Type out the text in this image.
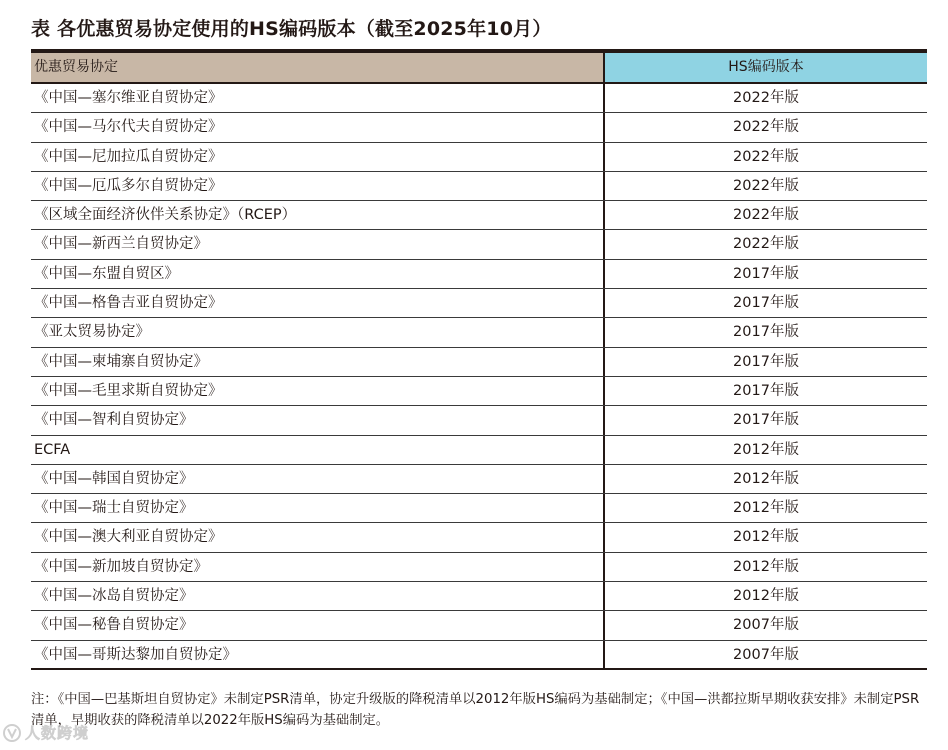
表 各优惠贸易协定使用的HS编码版本（截至2025年10月）
优惠贸易协定	HS编码版本
《中国—塞尔维亚自贸协定》	2022年版
《中国—马尔代夫自贸协定》	2022年版
《中国—尼加拉瓜自贸协定》	2022年版
《中国—厄瓜多尔自贸协定》	2022年版
《区域全面经济伙伴关系协定》（RCEP）	2022年版
《中国—新西兰自贸协定》	2022年版
《中国—东盟自贸区》	2017年版
《中国—格鲁吉亚自贸协定》	2017年版
《亚太贸易协定》	2017年版
《中国—柬埔寨自贸协定》	2017年版
《中国—毛里求斯自贸协定》	2017年版
《中国—智利自贸协定》	2017年版
ECFA	2012年版
《中国—韩国自贸协定》	2012年版
《中国—瑞士自贸协定》	2012年版
《中国—澳大利亚自贸协定》	2012年版
《中国—新加坡自贸协定》	2012年版
《中国—冰岛自贸协定》	2012年版
《中国—秘鲁自贸协定》	2007年版
《中国—哥斯达黎加自贸协定》	2007年版
注：《中国—巴基斯坦自贸协定》未制定PSR清单，协定升级版的降税清单以2012年版HS编码为基础制定；《中国—洪都拉斯早期收获安排》未制定PSR清单，早期收获的降税清单以2022年版HS编码为基础制定。
人数跨境
